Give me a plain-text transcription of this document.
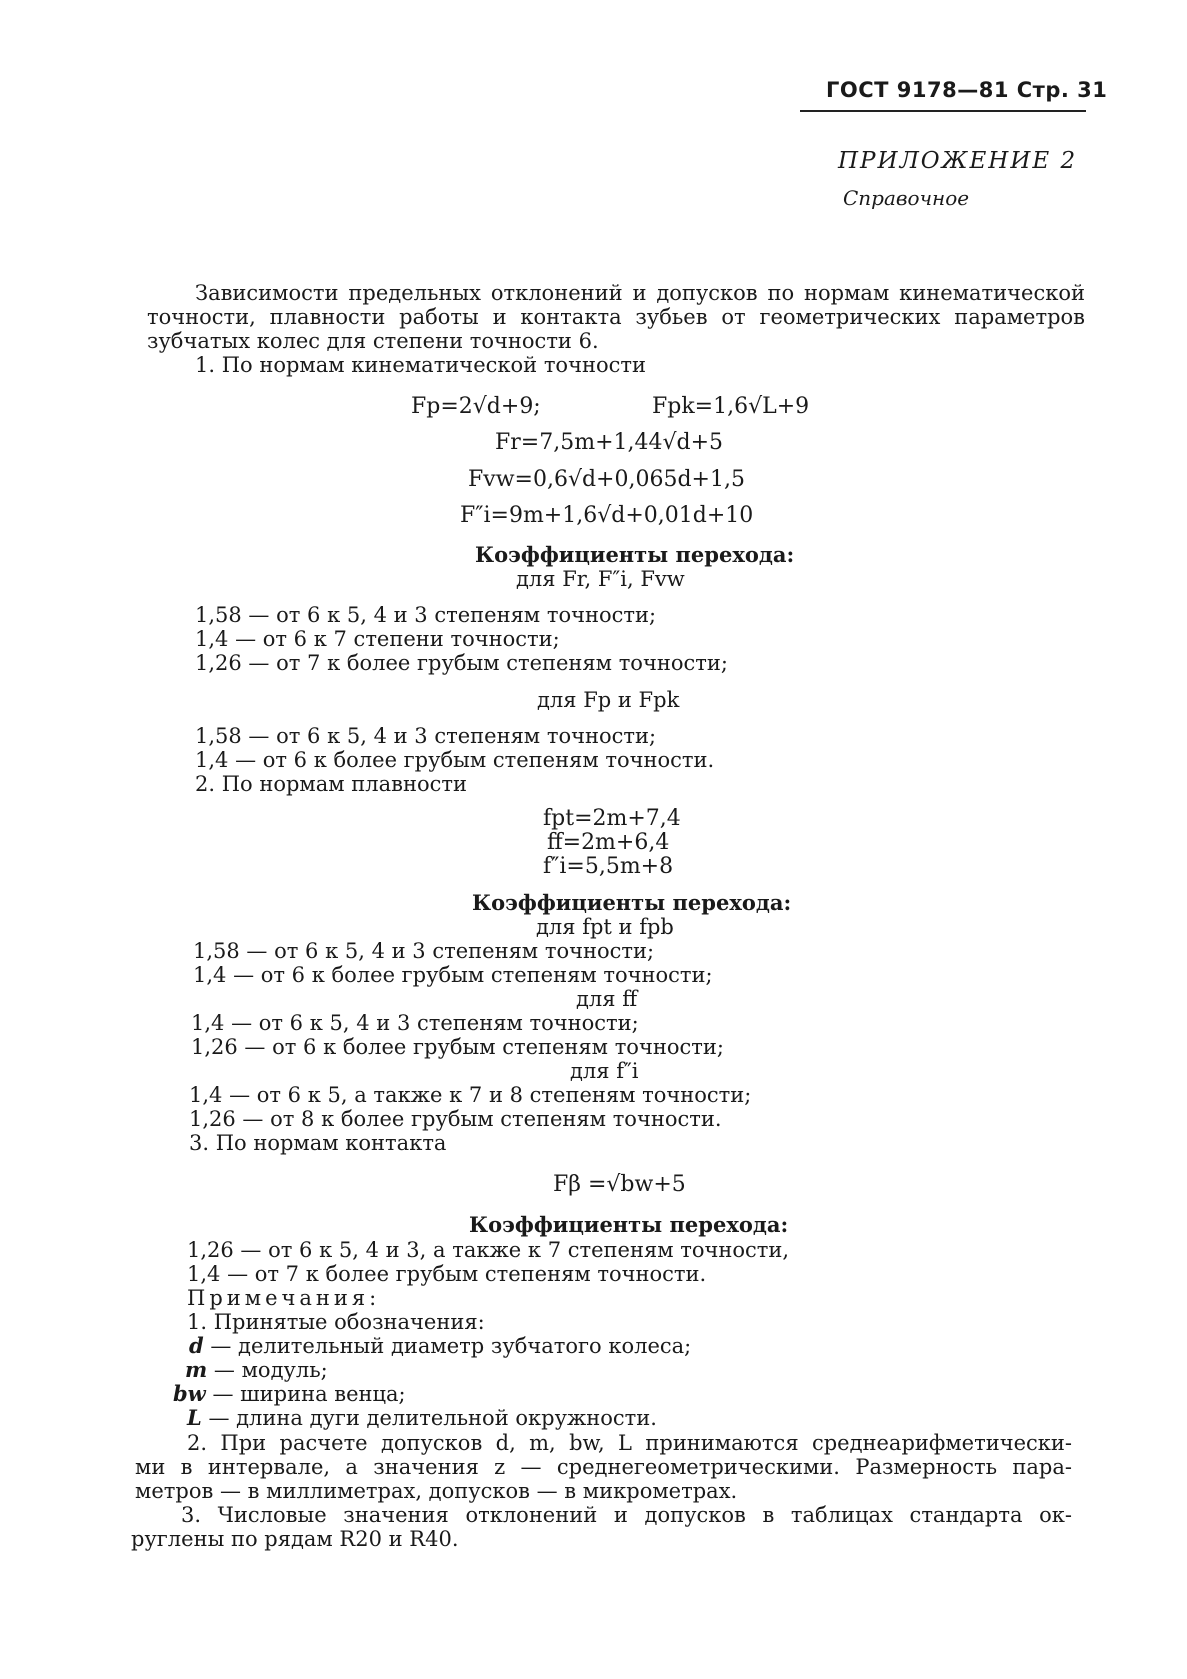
ГОСТ 9178—81 Стр. 31
ПРИЛОЖЕНИЕ 2
Справочное
Зависимости предельных отклонений и допусков по нормам кинематической
точности, плавности работы и контакта зубьев от геометрических параметров
зубчатых колес для степени точности 6.
1. По нормам кинематической точности
Fp=2√d+9;	Fpk=1,6√L+9
Fr=7,5m+1,44√d+5
Fvw=0,6√d+0,065d+1,5
F″i=9m+1,6√d+0,01d+10
Коэффициенты перехода:
для Fr, F″i, Fvw
1,58 — от 6 к 5, 4 и 3 степеням точности;
1,4 — от 6 к 7 степени точности;
1,26 — от 7 к более грубым степеням точности;
для Fp и Fpk
1,58 — от 6 к 5, 4 и 3 степеням точности;
1,4 — от 6 к более грубым степеням точности.
2. По нормам плавности
fpt=2m+7,4
ff=2m+6,4
f″i=5,5m+8
Коэффициенты перехода:
для fpt и fpb
1,58 — от 6 к 5, 4 и 3 степеням точности;
1,4 — от 6 к более грубым степеням точности;
для ff
1,4 — от 6 к 5, 4 и 3 степеням точности;
1,26 — от 6 к более грубым степеням точности;
для f″i
1,4 — от 6 к 5, а также к 7 и 8 степеням точности;
1,26 — от 8 к более грубым степеням точности.
3. По нормам контакта
Fβ =√bw+5
Коэффициенты перехода:
1,26 — от 6 к 5, 4 и 3, а также к 7 степеням точности,
1,4 — от 7 к более грубым степеням точности.
Примечания:
1. Принятые обозначения:
d — делительный диаметр зубчатого колеса;
m — модуль;
bw — ширина венца;
L — длина дуги делительной окружности.
2. При расчете допусков d, m, bw, L принимаются среднеарифметически-
ми в интервале, а значения z — среднегеометрическими. Размерность пара-
метров — в миллиметрах, допусков — в микрометрах.
3. Числовые значения отклонений и допусков в таблицах стандарта ок-
руглены по рядам R20 и R40.
